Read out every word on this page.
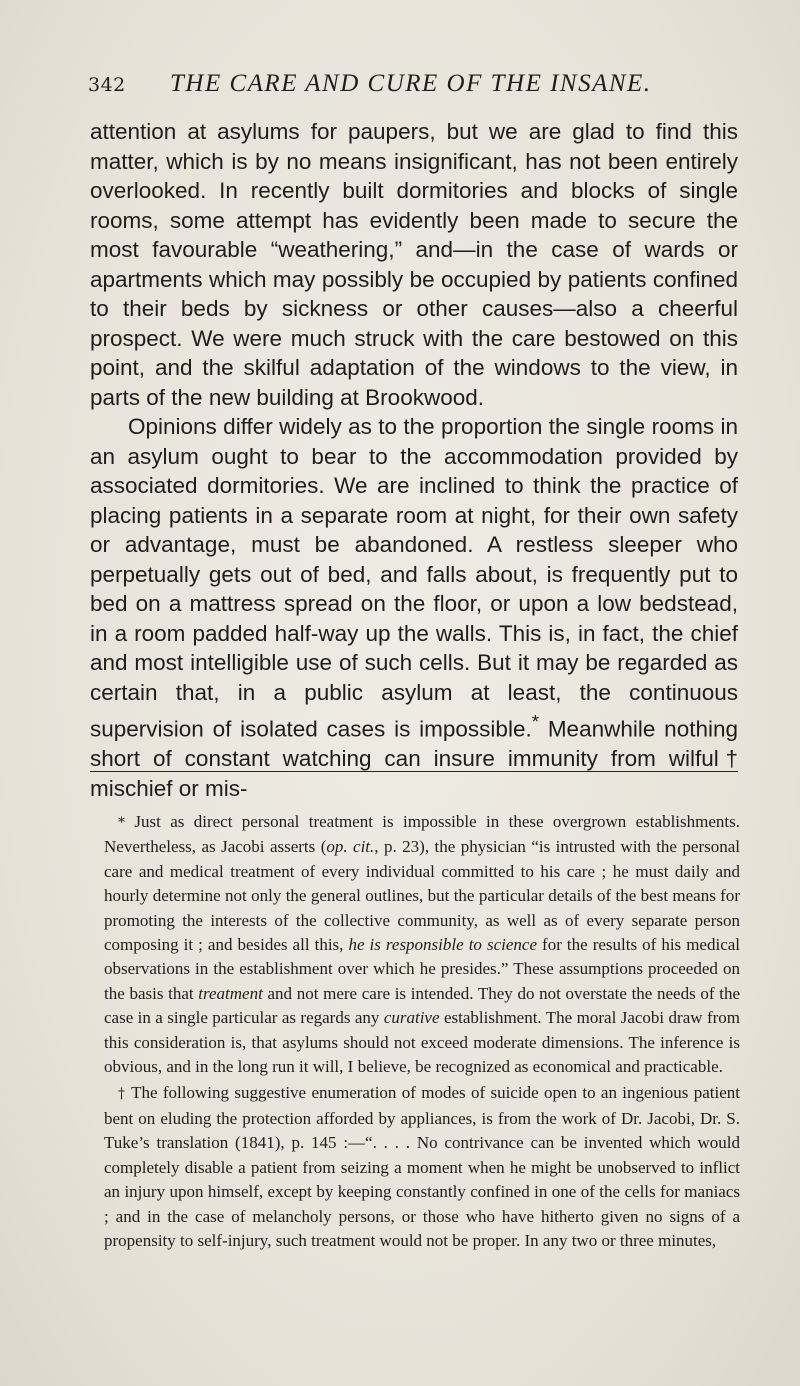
342 THE CARE AND CURE OF THE INSANE.

attention at asylums for paupers, but we are glad to find this matter, which is by no means insignificant, has not been entirely overlooked. In recently built dormitories and blocks of single rooms, some attempt has evidently been made to secure the most favourable “weathering,” and—in the case of wards or apartments which may possibly be occupied by patients confined to their beds by sickness or other causes—also a cheerful prospect. We were much struck with the care bestowed on this point, and the skilful adaptation of the windows to the view, in parts of the new building at Brookwood.

Opinions differ widely as to the proportion the single rooms in an asylum ought to bear to the accommodation provided by associated dormitories. We are inclined to think the practice of placing patients in a separate room at night, for their own safety or advantage, must be abandoned. A restless sleeper who perpetually gets out of bed, and falls about, is frequently put to bed on a mattress spread on the floor, or upon a low bedstead, in a room padded half-way up the walls. This is, in fact, the chief and most intelligible use of such cells. But it may be regarded as certain that, in a public asylum at least, the continuous supervision of isolated cases is impossible.* Meanwhile nothing short of constant watching can insure immunity from wilful† mischief or mis-

* Just as direct personal treatment is impossible in these overgrown establishments. Nevertheless, as Jacobi asserts (op. cit., p. 23), the physician “is intrusted with the personal care and medical treatment of every individual committed to his care ; he must daily and hourly determine not only the general outlines, but the particular details of the best means for promoting the interests of the collective community, as well as of every separate person composing it ; and besides all this, he is responsible to science for the results of his medical observations in the establishment over which he presides.” These assumptions proceeded on the basis that treatment and not mere care is intended. They do not overstate the needs of the case in a single particular as regards any curative establishment. The moral Jacobi draw from this consideration is, that asylums should not exceed moderate dimensions. The inference is obvious, and in the long run it will, I believe, be recognized as economical and practicable.

† The following suggestive enumeration of modes of suicide open to an ingenious patient bent on eluding the protection afforded by appliances, is from the work of Dr. Jacobi, Dr. S. Tuke’s translation (1841), p. 145 :—“. . . . No contrivance can be invented which would completely disable a patient from seizing a moment when he might be unobserved to inflict an injury upon himself, except by keeping constantly confined in one of the cells for maniacs ; and in the case of melancholy persons, or those who have hitherto given no signs of a propensity to self-injury, such treatment would not be proper. In any two or three minutes,
